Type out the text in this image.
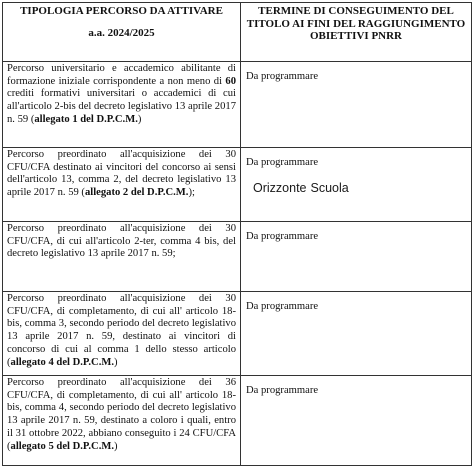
TIPOLOGIA PERCORSO DA ATTIVARE
a.a. 2024/2025	TERMINE DI CONSEGUIMENTO DEL TITOLO AI FINI DEL RAGGIUNGIMENTO OBIETTIVI PNRR
Percorso universitario e accademico abilitante di formazione iniziale corrispondente a non meno di 60 crediti formativi universitari o accademici di cui all'articolo 2-bis del decreto legislativo 13 aprile 2017 n. 59 (allegato 1 del D.P.C.M.)	Da programmare
Percorso preordinato all'acquisizione dei 30 CFU/CFA destinato ai vincitori del concorso ai sensi dell'articolo 13, comma 2, del decreto legislativo 13 aprile 2017 n. 59 (allegato 2 del D.P.C.M.);	Da programmare
Percorso preordinato all'acquisizione dei 30 CFU/CFA, di cui all'articolo 2-ter, comma 4 bis, del decreto legislativo 13 aprile 2017 n. 59;	Da programmare
Percorso preordinato all'acquisizione dei 30 CFU/CFA, di completamento, di cui all' articolo 18-bis, comma 3, secondo periodo del decreto legislativo 13 aprile 2017 n. 59, destinato ai vincitori di concorso di cui al comma 1 dello stesso articolo (allegato 4 del D.P.C.M.)	Da programmare
Percorso preordinato all'acquisizione dei 36 CFU/CFA, di completamento, di cui all' articolo 18-bis, comma 4, secondo periodo del decreto legislativo 13 aprile 2017 n. 59, destinato a coloro i quali, entro il 31 ottobre 2022, abbiano conseguito i 24 CFU/CFA (allegato 5 del D.P.C.M.)	Da programmare
Orizzonte Scuola
